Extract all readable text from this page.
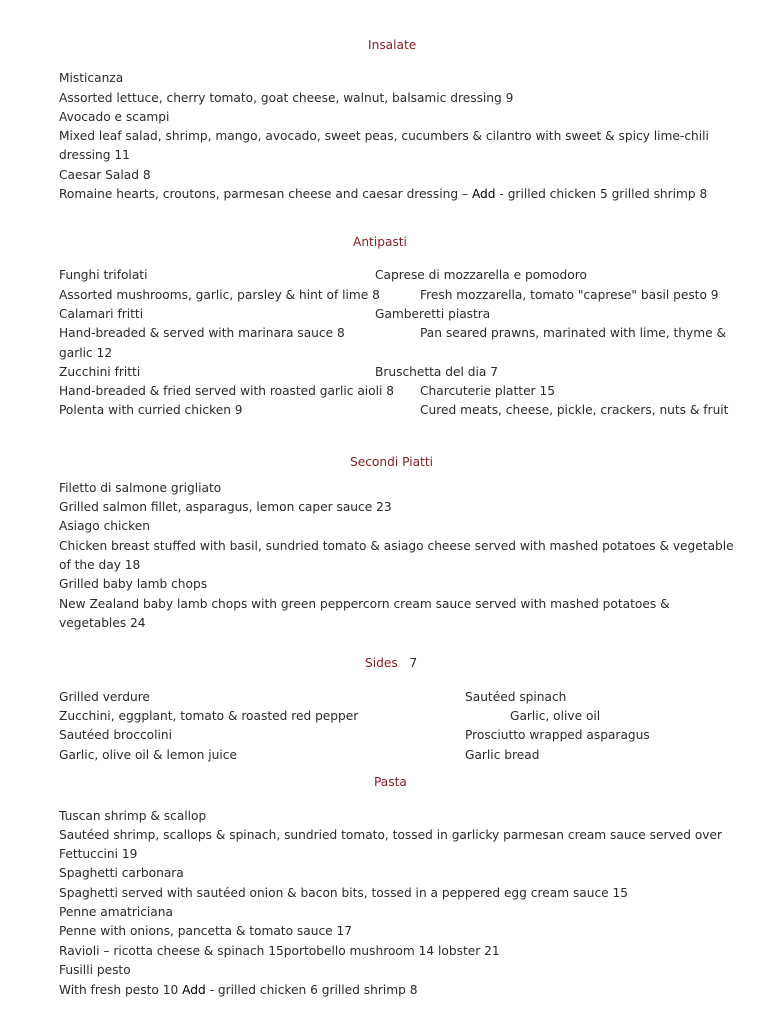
Insalate
Misticanza
Assorted lettuce, cherry tomato, goat cheese, walnut, balsamic dressing 9
Avocado e scampi
Mixed leaf salad, shrimp, mango, avocado, sweet peas, cucumbers & cilantro with sweet & spicy lime-chili
dressing 11
Caesar Salad 8
Romaine hearts, croutons, parmesan cheese and caesar dressing – Add - grilled chicken 5 grilled shrimp 8
Antipasti
Funghi trifolati
Assorted mushrooms, garlic, parsley & hint of lime 8
Calamari fritti
Hand-breaded & served with marinara sauce 8
garlic 12
Zucchini fritti
Hand-breaded & fried served with roasted garlic aioli 8
Polenta with curried chicken 9
Caprese di mozzarella e pomodoro
Fresh mozzarella, tomato "caprese" basil pesto 9
Gamberetti piastra
Pan seared prawns, marinated with lime, thyme &
Bruschetta del dia 7
Charcuterie platter 15
Cured meats, cheese, pickle, crackers, nuts & fruit
Secondi Piatti
Filetto di salmone grigliato
Grilled salmon fillet, asparagus, lemon caper sauce 23
Asiago chicken
Chicken breast stuffed with basil, sundried tomato & asiago cheese served with mashed potatoes & vegetable
of the day 18
Grilled baby lamb chops
New Zealand baby lamb chops with green peppercorn cream sauce served with mashed potatoes &
vegetables 24
Sides 7
Grilled verdure
Zucchini, eggplant, tomato & roasted red pepper
Sautéed broccolini
Garlic, olive oil & lemon juice
Sautéed spinach
Garlic, olive oil
Prosciutto wrapped asparagus
Garlic bread
Pasta
Tuscan shrimp & scallop
Sautéed shrimp, scallops & spinach, sundried tomato, tossed in garlicky parmesan cream sauce served over
Fettuccini 19
Spaghetti carbonara
Spaghetti served with sautéed onion & bacon bits, tossed in a peppered egg cream sauce 15
Penne amatriciana
Penne with onions, pancetta & tomato sauce 17
Ravioli – ricotta cheese & spinach 15portobello mushroom 14 lobster 21
Fusilli pesto
With fresh pesto 10 Add - grilled chicken 6 grilled shrimp 8
